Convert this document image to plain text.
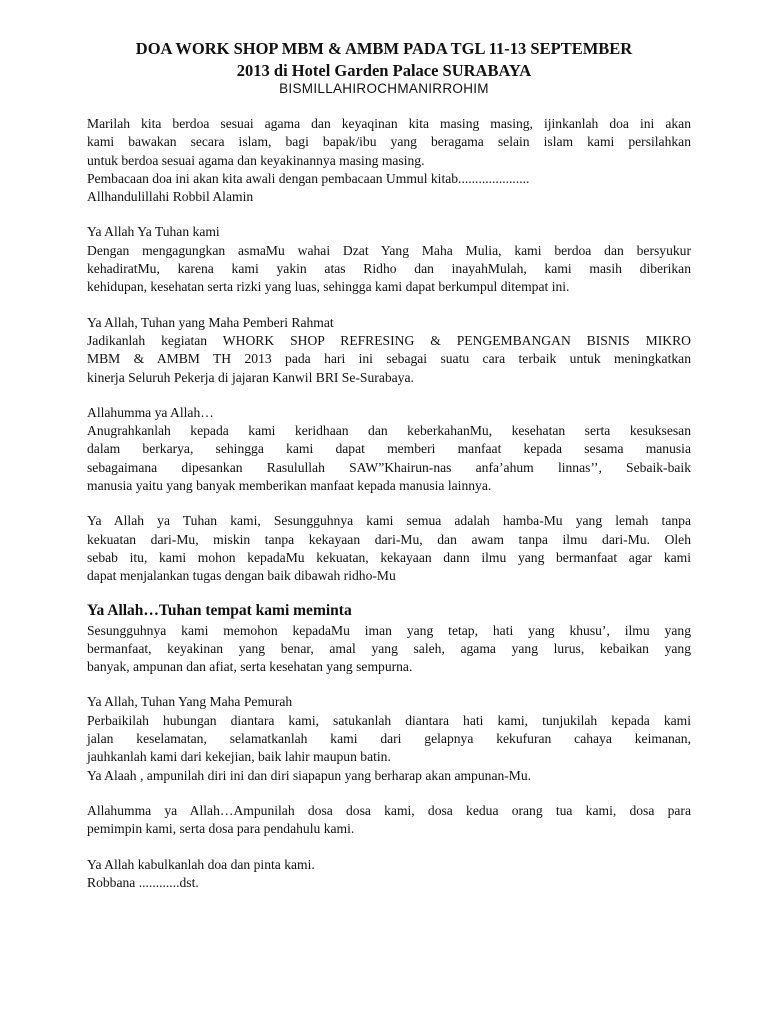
DOA WORK SHOP MBM & AMBM PADA TGL 11-13 SEPTEMBER
2013 di Hotel Garden Palace SURABAYA
BISMILLAHIROCHMANIRROHIM

Marilah kita berdoa sesuai agama dan keyaqinan kita masing masing, ijinkanlah doa ini akan

kami bawakan secara islam, bagi bapak/ibu yang beragama selain islam kami persilahkan

untuk berdoa sesuai agama dan keyakinannya masing masing.

Pembacaan doa ini akan kita awali dengan pembacaan Ummul kitab.....................

Allhandulillahi Robbil Alamin

Ya Allah Ya Tuhan kami

Dengan mengagungkan asmaMu wahai Dzat Yang Maha Mulia, kami berdoa dan bersyukur

kehadiratMu, karena kami yakin atas Ridho dan inayahMulah, kami masih diberikan

kehidupan, kesehatan serta rizki yang luas, sehingga kami dapat berkumpul ditempat ini.

Ya Allah, Tuhan yang Maha Pemberi Rahmat

Jadikanlah kegiatan WHORK SHOP REFRESING & PENGEMBANGAN BISNIS MIKRO

MBM & AMBM TH 2013 pada hari ini sebagai suatu cara terbaik untuk meningkatkan

kinerja Seluruh Pekerja di jajaran Kanwil BRI Se-Surabaya.

Allahumma ya Allah…

Anugrahkanlah kepada kami keridhaan dan keberkahanMu, kesehatan serta kesuksesan

dalam berkarya, sehingga kami dapat memberi manfaat kepada sesama manusia

sebagaimana dipesankan Rasulullah SAW”Khairun-nas anfa’ahum linnas’’, Sebaik-baik

manusia yaitu yang banyak memberikan manfaat kepada manusia lainnya.

Ya Allah ya Tuhan kami, Sesungguhnya kami semua adalah hamba-Mu yang lemah tanpa

kekuatan dari-Mu, miskin tanpa kekayaan dari-Mu, dan awam tanpa ilmu dari-Mu. Oleh

sebab itu, kami mohon kepadaMu kekuatan, kekayaan dann ilmu yang bermanfaat agar kami

dapat menjalankan tugas dengan baik dibawah ridho-Mu

Ya Allah…Tuhan tempat kami meminta

Sesungguhnya kami memohon kepadaMu iman yang tetap, hati yang khusu’, ilmu yang

bermanfaat, keyakinan yang benar, amal yang saleh, agama yang lurus, kebaikan yang

banyak, ampunan dan afiat, serta kesehatan yang sempurna.

Ya Allah, Tuhan Yang Maha Pemurah

Perbaikilah hubungan diantara kami, satukanlah diantara hati kami, tunjukilah kepada kami

jalan keselamatan, selamatkanlah kami dari gelapnya kekufuran cahaya keimanan,

jauhkanlah kami dari kekejian, baik lahir maupun batin.

Ya Alaah , ampunilah diri ini dan diri siapapun yang berharap akan ampunan-Mu.

Allahumma ya Allah…Ampunilah dosa dosa kami, dosa kedua orang tua kami, dosa para

pemimpin kami, serta dosa para pendahulu kami.

Ya Allah kabulkanlah doa dan pinta kami.

Robbana ............dst.
